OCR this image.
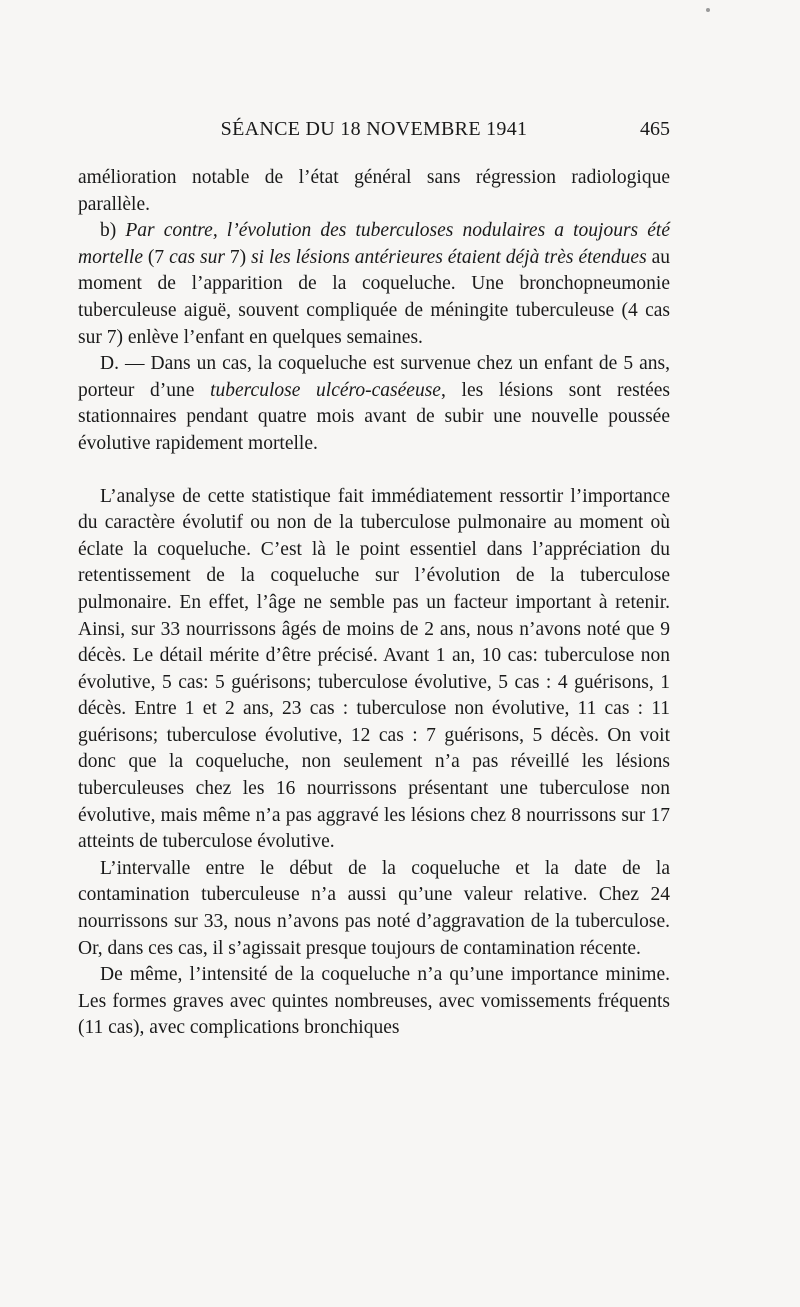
SÉANCE DU 18 NOVEMBRE 1941	465

amélioration notable de l’état général sans régression radiologique parallèle.

b) Par contre, l’évolution des tuberculoses nodulaires a toujours été mortelle (7 cas sur 7) si les lésions antérieures étaient déjà très étendues au moment de l’apparition de la coqueluche. Une bronchopneumonie tuberculeuse aiguë, souvent compliquée de méningite tuberculeuse (4 cas sur 7) enlève l’enfant en quelques semaines.

D. — Dans un cas, la coqueluche est survenue chez un enfant de 5 ans, porteur d’une tuberculose ulcéro-caséeuse, les lésions sont restées stationnaires pendant quatre mois avant de subir une nouvelle poussée évolutive rapidement mortelle.

L’analyse de cette statistique fait immédiatement ressortir l’importance du caractère évolutif ou non de la tuberculose pulmonaire au moment où éclate la coqueluche. C’est là le point essentiel dans l’appréciation du retentissement de la coqueluche sur l’évolution de la tuberculose pulmonaire. En effet, l’âge ne semble pas un facteur important à retenir. Ainsi, sur 33 nourrissons âgés de moins de 2 ans, nous n’avons noté que 9 décès. Le détail mérite d’être précisé. Avant 1 an, 10 cas: tuberculose non évolutive, 5 cas: 5 guérisons; tuberculose évolutive, 5 cas : 4 guérisons, 1 décès. Entre 1 et 2 ans, 23 cas : tuberculose non évolutive, 11 cas : 11 guérisons; tuberculose évolutive, 12 cas : 7 guérisons, 5 décès. On voit donc que la coqueluche, non seulement n’a pas réveillé les lésions tuberculeuses chez les 16 nourrissons présentant une tuberculose non évolutive, mais même n’a pas aggravé les lésions chez 8 nourrissons sur 17 atteints de tuberculose évolutive.

L’intervalle entre le début de la coqueluche et la date de la contamination tuberculeuse n’a aussi qu’une valeur relative. Chez 24 nourrissons sur 33, nous n’avons pas noté d’aggravation de la tuberculose. Or, dans ces cas, il s’agissait presque toujours de contamination récente.

De même, l’intensité de la coqueluche n’a qu’une importance minime. Les formes graves avec quintes nombreuses, avec vomissements fréquents (11 cas), avec complications bronchiques
